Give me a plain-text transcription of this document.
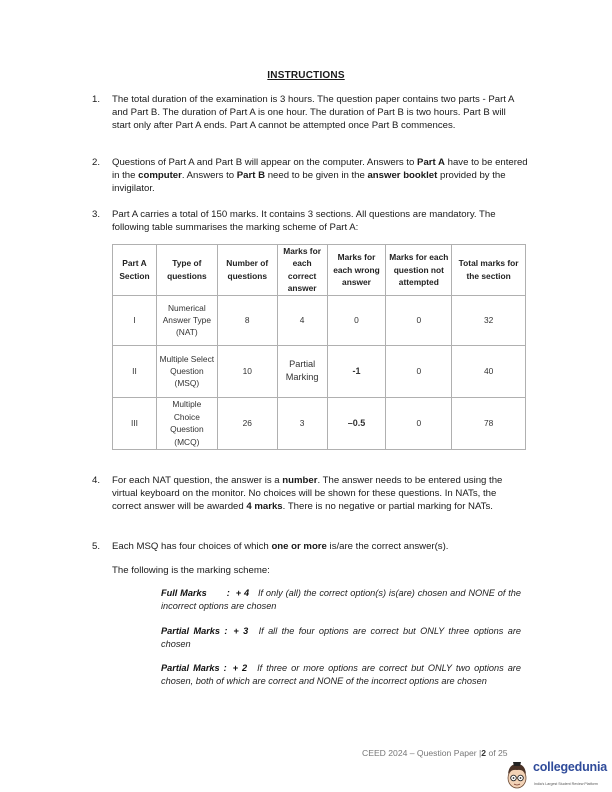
INSTRUCTIONS
1.	The total duration of the examination is 3 hours. The question paper contains two parts - Part A and Part B. The duration of Part A is one hour. The duration of Part B is two hours. Part B will start only after Part A ends. Part A cannot be attempted once Part B commences.

2.	Questions of Part A and Part B will appear on the computer. Answers to Part A have to be entered in the computer. Answers to Part B need to be given in the answer booklet provided by the invigilator.

3.	Part A carries a total of 150 marks. It contains 3 sections. All questions are mandatory. The following table summarises the marking scheme of Part A:

Part A Section	Type of questions	Number of questions	Marks for each correct answer	Marks for each wrong answer	Marks for each question not attempted	Total marks for the section
I	Numerical Answer Type (NAT)	8	4	0	0	32
II	Multiple Select Question (MSQ)	10	Partial Marking	-1	0	40
III	Multiple Choice Question (MCQ)	26	3	–0.5	0	78
4.	For each NAT question, the answer is a number. The answer needs to be entered using the virtual keyboard on the monitor. No choices will be shown for these questions. In NATs, the correct answer will be awarded 4 marks. There is no negative or partial marking for NATs.

5.	Each MSQ has four choices of which one or more is/are the correct answer(s).

The following is the marking scheme:

Full Marks : + 4 If only (all) the correct option(s) is(are) chosen and NONE of the incorrect options are chosen
Partial Marks : + 3 If all the four options are correct but ONLY three options are chosen
Partial Marks : + 2 If three or more options are correct but ONLY two options are chosen, both of which are correct and NONE of the incorrect options are chosen
CEED 2024 – Question Paper |2 of 25
collegedunia
India's Largest Student Review Platform
